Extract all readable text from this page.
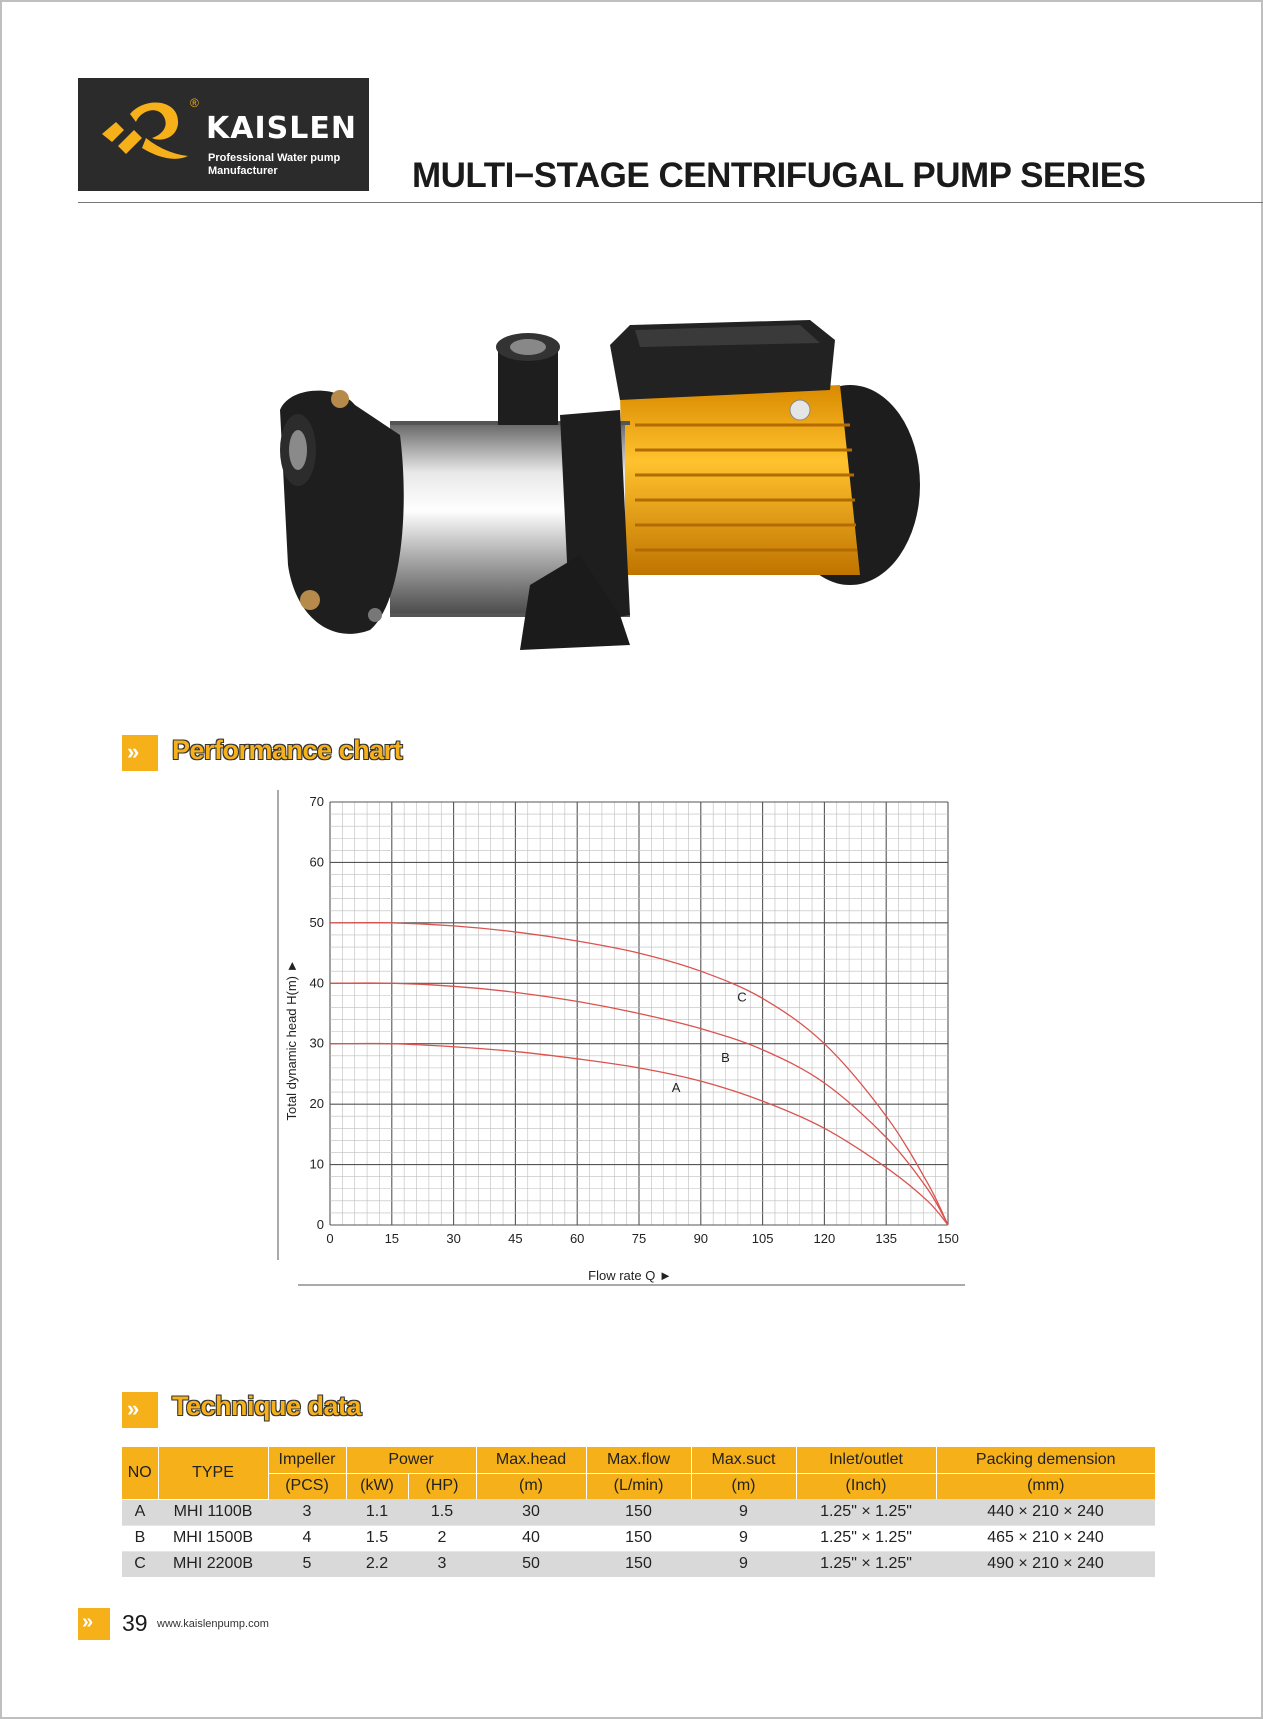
®
KAISLEN
Professional Water pump
Manufacturer	MULTI−STAGE CENTRIFUGAL PUMP SERIES
» Performance chart
0	15	30	45	60	75	90	105	120	135	150
0
10
20
30
40
50
60
70
C
B
A
Flow rate Q ►
Total dynamic head H(m) ►
» Technique data
NO	TYPE	Impeller	Power		Max.head	Max.flow	Max.suct	Inlet/outlet	Packing demension
		(PCS)	(kW)	(HP)	(m)	(L/min)	(m)	(Inch)	(mm)
A	MHI 1100B	3	1.1	1.5	30	150	9	1.25" × 1.25"	440 × 210 × 240
B	MHI 1500B	4	1.5	2	40	150	9	1.25" × 1.25"	465 × 210 × 240
C	MHI 2200B	5	2.2	3	50	150	9	1.25" × 1.25"	490 × 210 × 240
» 39 www.kaislenpump.com
